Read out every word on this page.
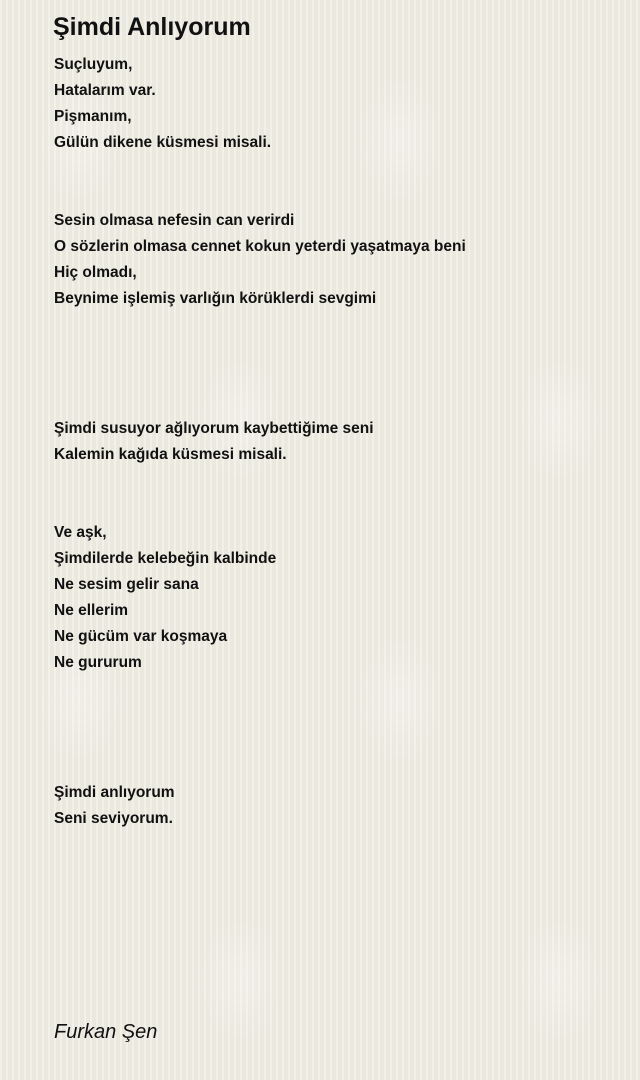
Şimdi Anlıyorum
Suçluyum,
Hatalarım var.
Pişmanım,
Gülün dikene küsmesi misali.
Sesin olmasa nefesin can verirdi
O sözlerin olmasa cennet kokun yeterdi yaşatmaya beni
Hiç olmadı,
Beynime işlemiş varlığın körüklerdi sevgimi
Şimdi susuyor ağlıyorum kaybettiğime seni
Kalemin kağıda küsmesi misali.
Ve aşk,
Şimdilerde kelebeğin kalbinde
Ne sesim gelir sana
Ne ellerim
Ne gücüm var koşmaya
Ne gururum
Şimdi anlıyorum
Seni seviyorum.
Furkan Şen
